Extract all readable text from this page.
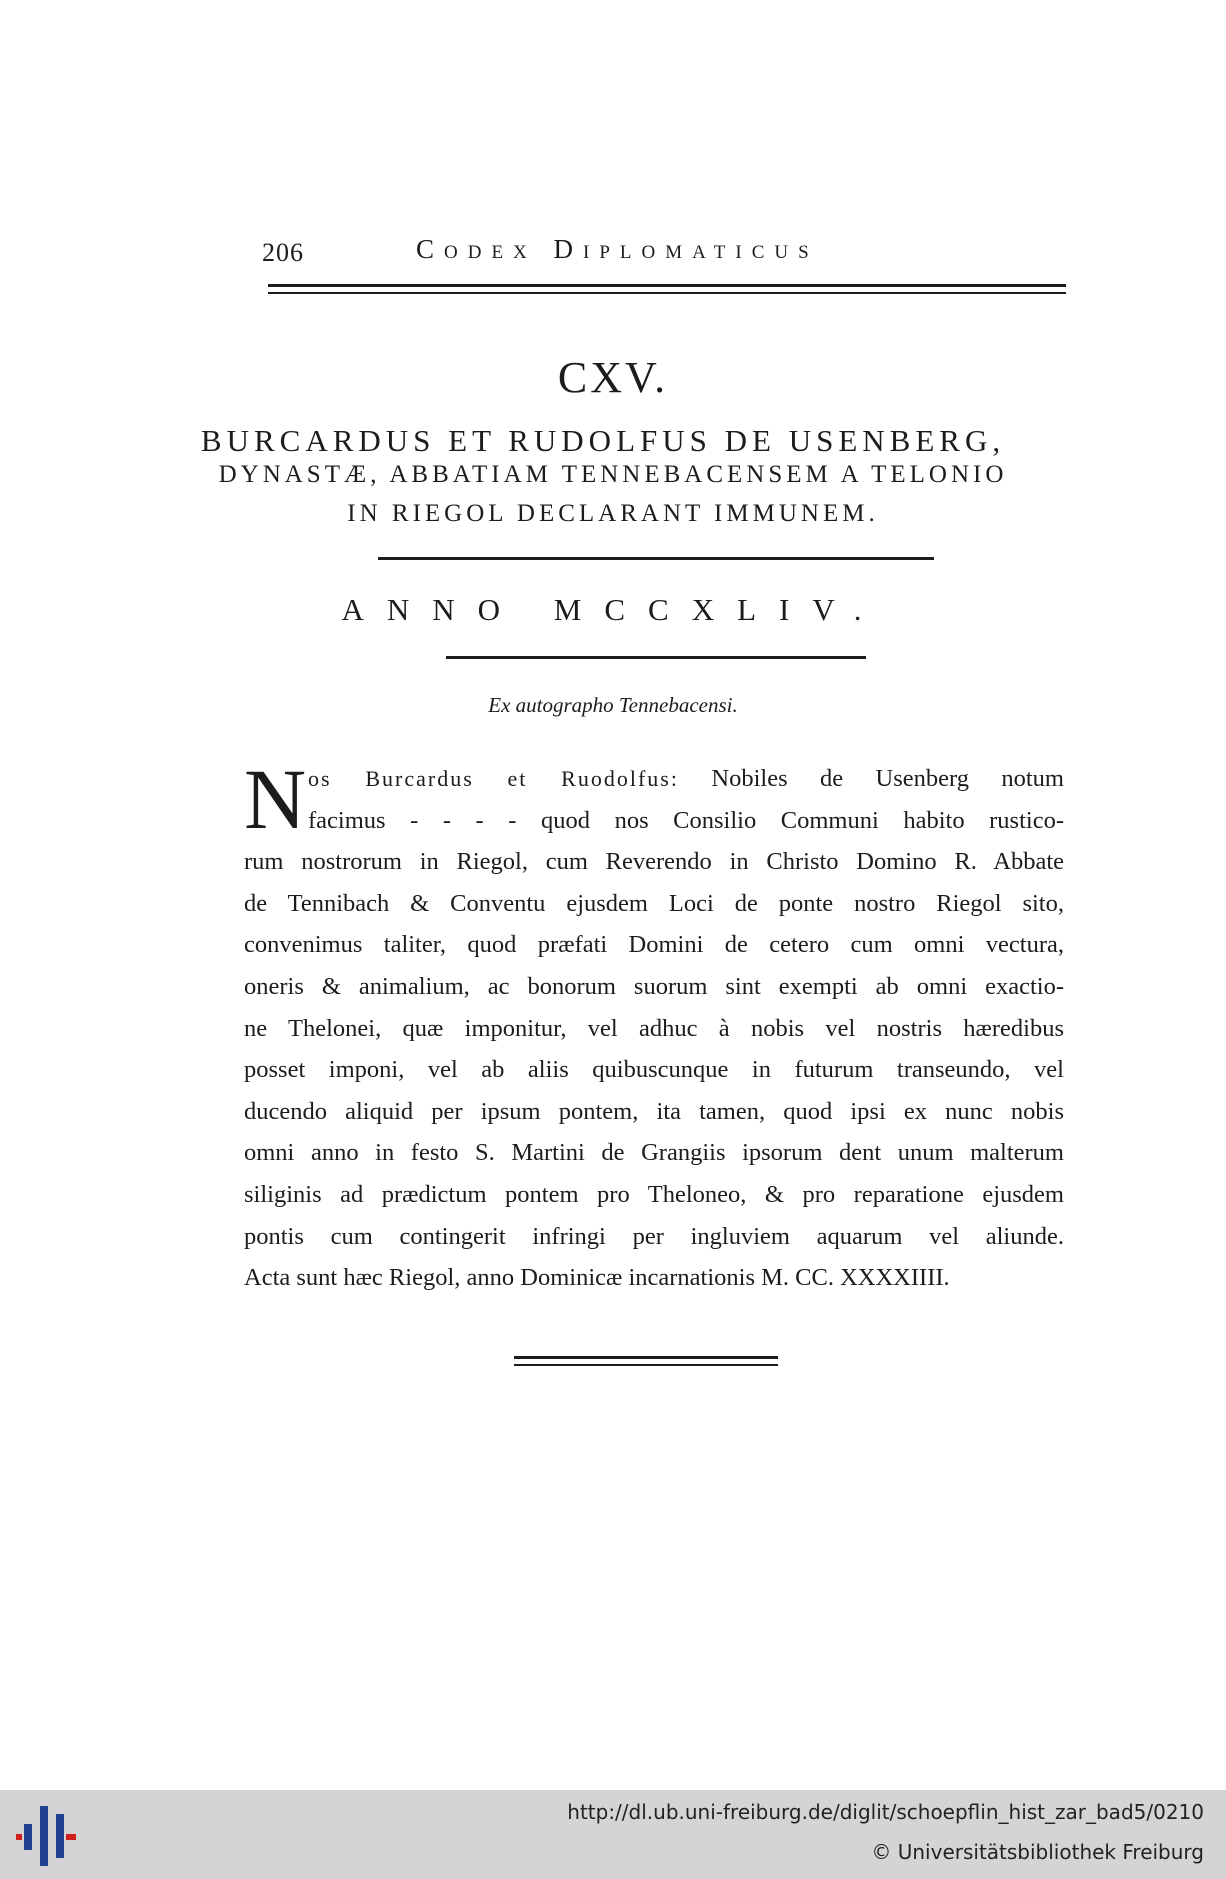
206	Codex Diplomaticus
CXV.
BURCARDUS ET RUDOLFUS DE USENBERG,
DYNASTÆ, ABBATIAM TENNEBACENSEM A TELONIO
IN RIEGOL DECLARANT IMMUNEM.
ANNO MCCXLIV.
Ex autographo Tennebacensi.
N os Burcardus et Ruodolfus: Nobiles de Usenberg notum
facimus - - - - quod nos Consilio Communi habito rustico-
rum nostrorum in Riegol, cum Reverendo in Christo Domino R. Abbate
de Tennibach & Conventu ejusdem Loci de ponte nostro Riegol sito,
convenimus taliter, quod præfati Domini de cetero cum omni vectura,
oneris & animalium, ac bonorum suorum sint exempti ab omni exactio-
ne Thelonei, quæ imponitur, vel adhuc à nobis vel nostris hæredibus
posset imponi, vel ab aliis quibuscunque in futurum transeundo, vel
ducendo aliquid per ipsum pontem, ita tamen, quod ipsi ex nunc nobis
omni anno in festo S. Martini de Grangiis ipsorum dent unum malterum
siliginis ad prædictum pontem pro Theloneo, & pro reparatione ejusdem
pontis cum contingerit infringi per ingluviem aquarum vel aliunde.
Acta sunt hæc Riegol, anno Dominicæ incarnationis M. CC. XXXXIIII.
http://dl.ub.uni-freiburg.de/diglit/schoepflin_hist_zar_bad5/0210
© Universitätsbibliothek Freiburg
